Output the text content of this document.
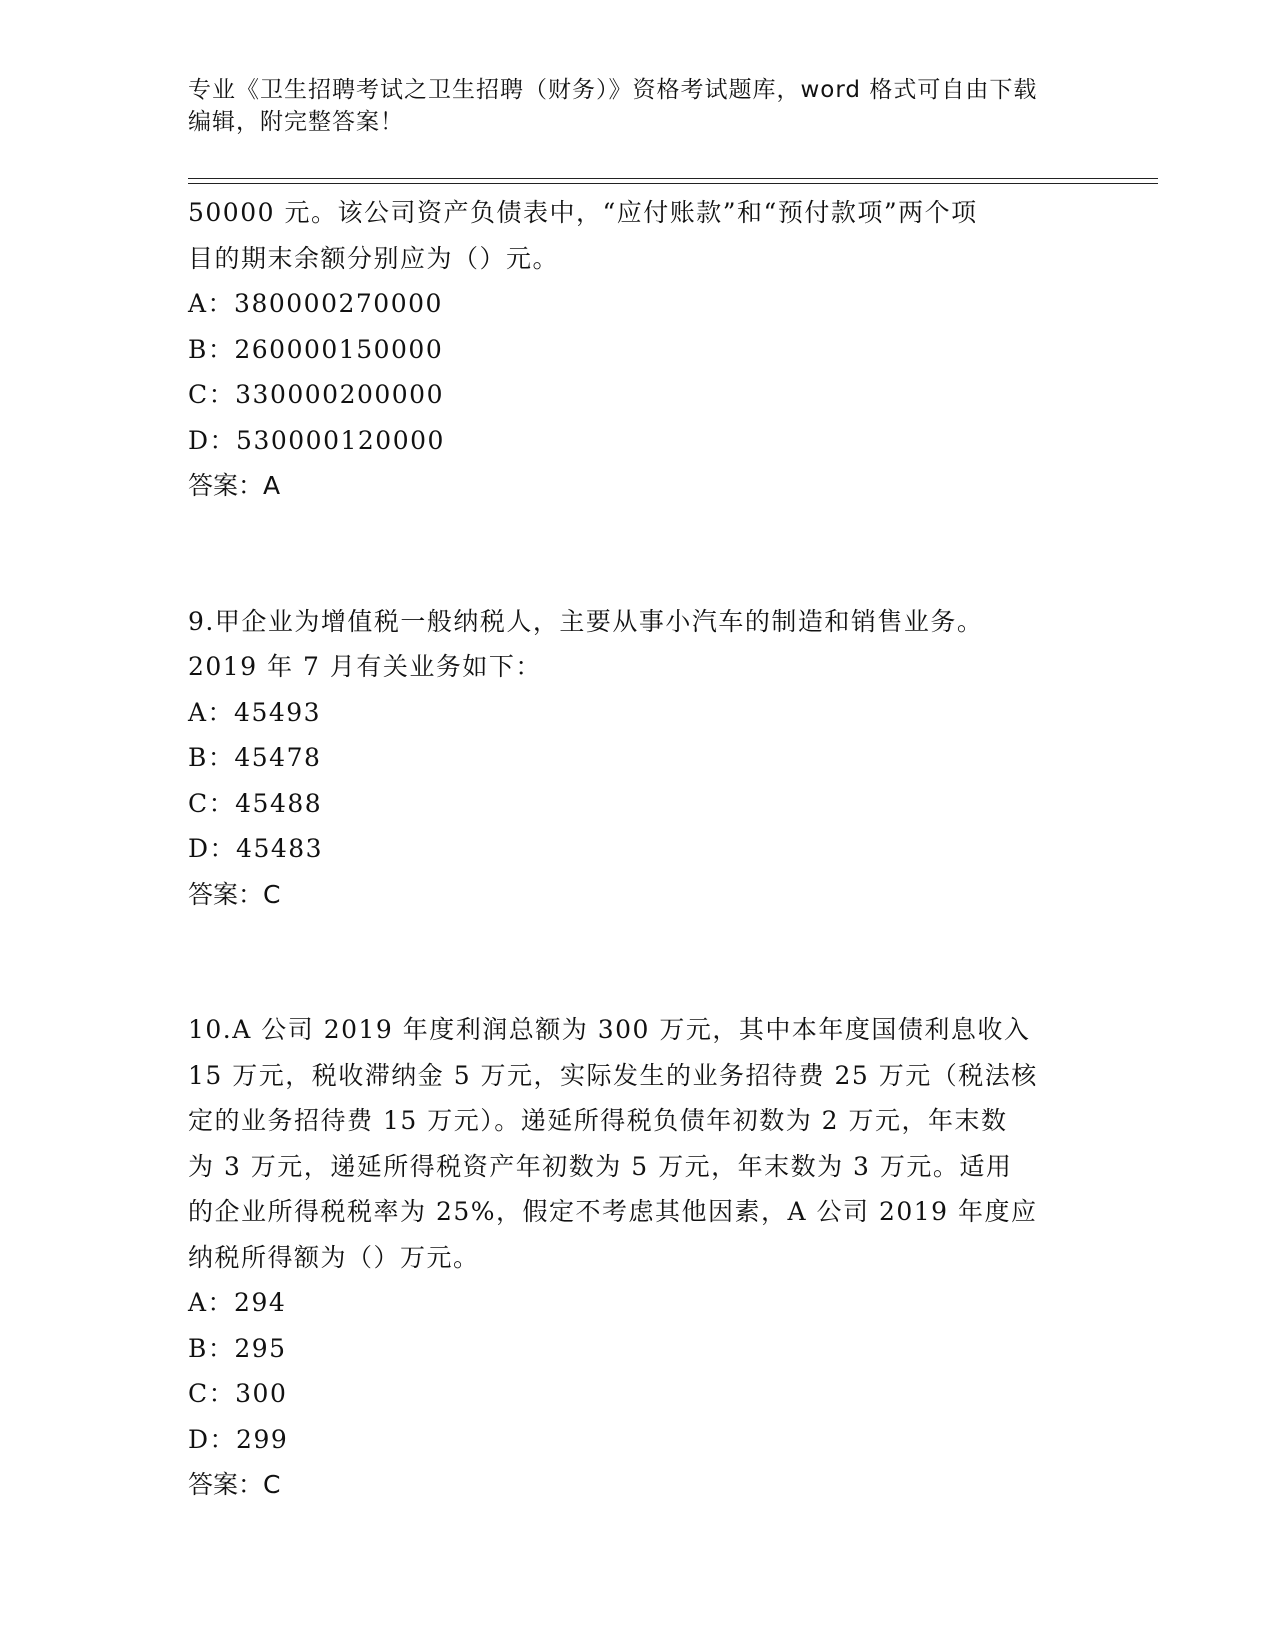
专业《卫生招聘考试之卫生招聘（财务）》资格考试题库，word 格式可自由下载

编辑，附完整答案！

50000 元。该公司资产负债表中，“应付账款”和“预付款项”两个项
目的期末余额分别应为（）元。
A：380000270000
B：260000150000
C：330000200000
D：530000120000
答案：A
9.甲企业为增值税一般纳税人，主要从事小汽车的制造和销售业务。
2019 年 7 月有关业务如下：
A：45493
B：45478
C：45488
D：45483
答案：C
10.A 公司 2019 年度利润总额为 300 万元，其中本年度国债利息收入
15 万元，税收滞纳金 5 万元，实际发生的业务招待费 25 万元（税法核
定的业务招待费 15 万元）。递延所得税负债年初数为 2 万元，年末数
为 3 万元，递延所得税资产年初数为 5 万元，年末数为 3 万元。适用
的企业所得税税率为 25%，假定不考虑其他因素，A 公司 2019 年度应
纳税所得额为（）万元。
A：294
B：295
C：300
D：299
答案：C
